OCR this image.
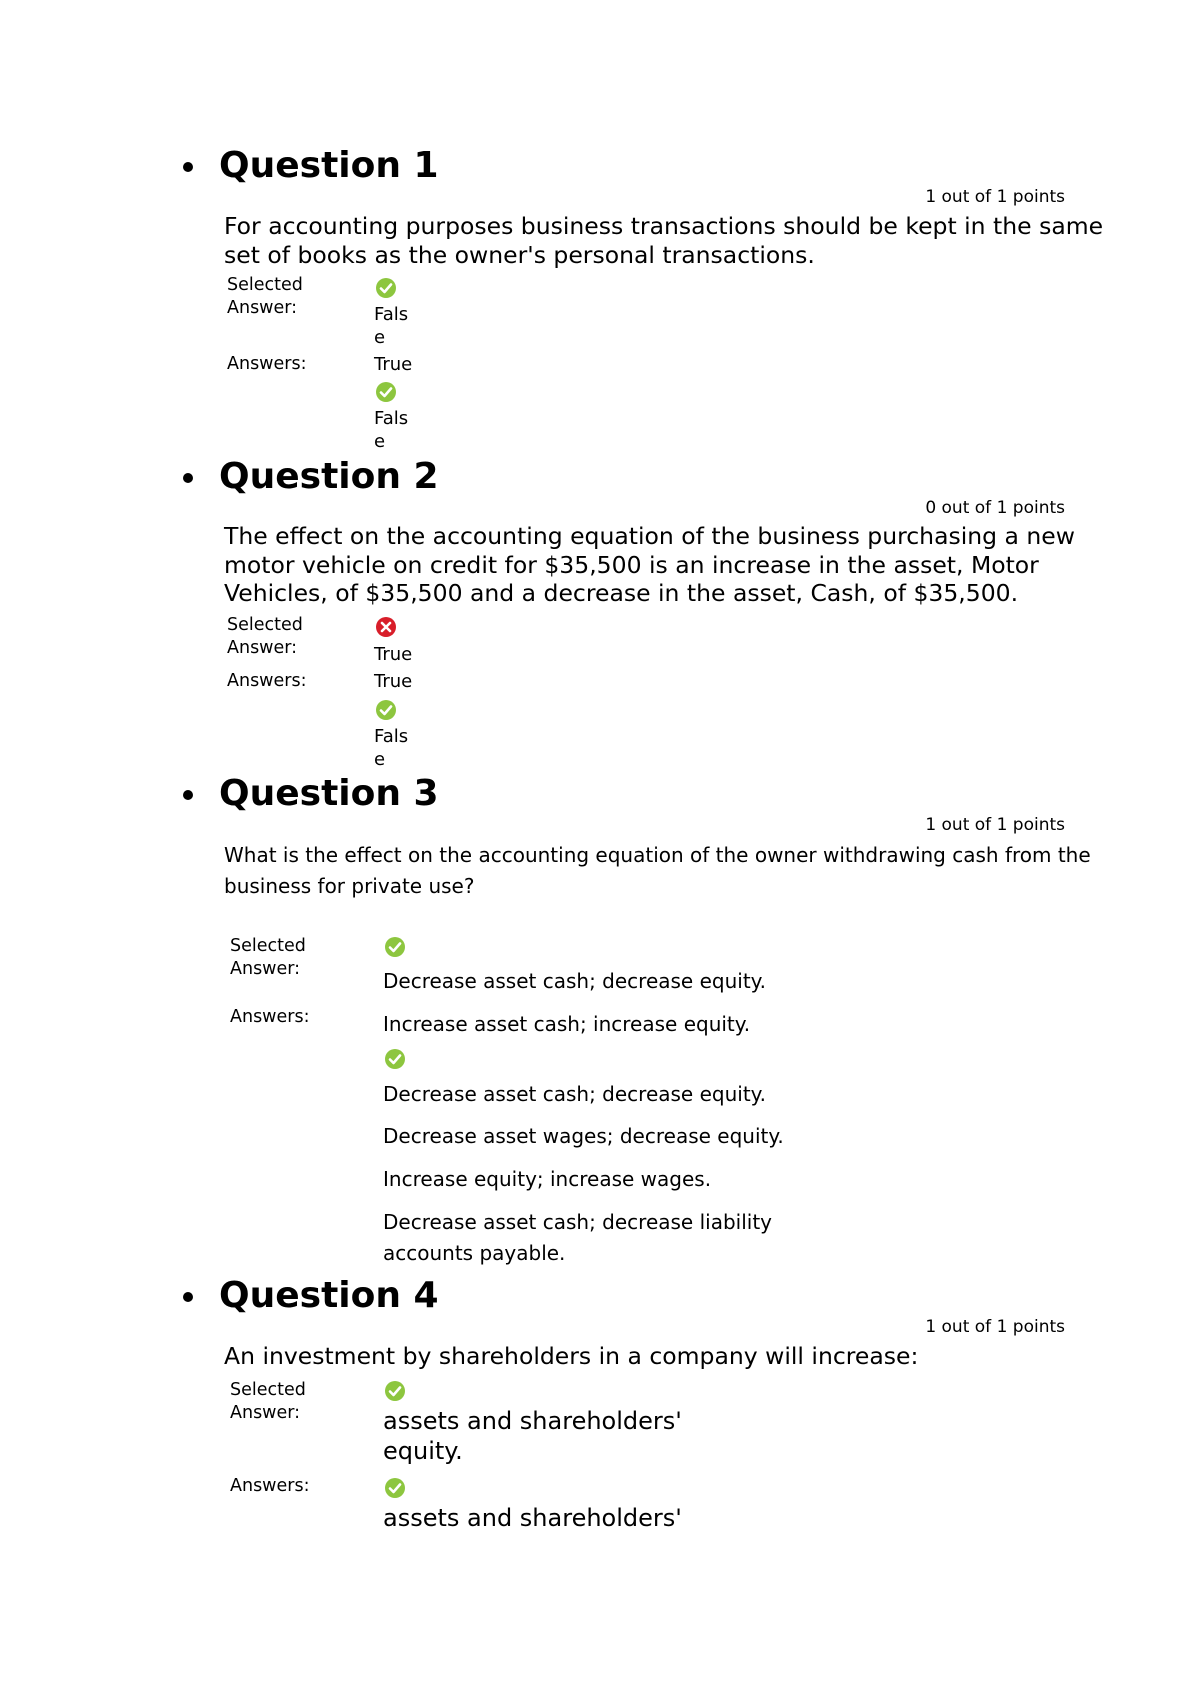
Question 1
1 out of 1 points
For accounting purposes business transactions should be kept in the same set of books as the owner's personal transactions.
Selected Answer:	False
Answers:	True
False
Question 2
0 out of 1 points
The effect on the accounting equation of the business purchasing a new motor vehicle on credit for $35,500 is an increase in the asset, Motor Vehicles, of $35,500 and a decrease in the asset, Cash, of $35,500.
Selected Answer:	True
Answers:	True
False
Question 3
1 out of 1 points
What is the effect on the accounting equation of the owner withdrawing cash from the business for private use?
Selected Answer:	Decrease asset cash; decrease equity.
Answers:	Increase asset cash; increase equity.
Decrease asset cash; decrease equity.
Decrease asset wages; decrease equity.
Increase equity; increase wages.
Decrease asset cash; decrease liability accounts payable.
Question 4
1 out of 1 points
An investment by shareholders in a company will increase:
Selected Answer:	assets and shareholders' equity.
Answers:
assets and shareholders'
